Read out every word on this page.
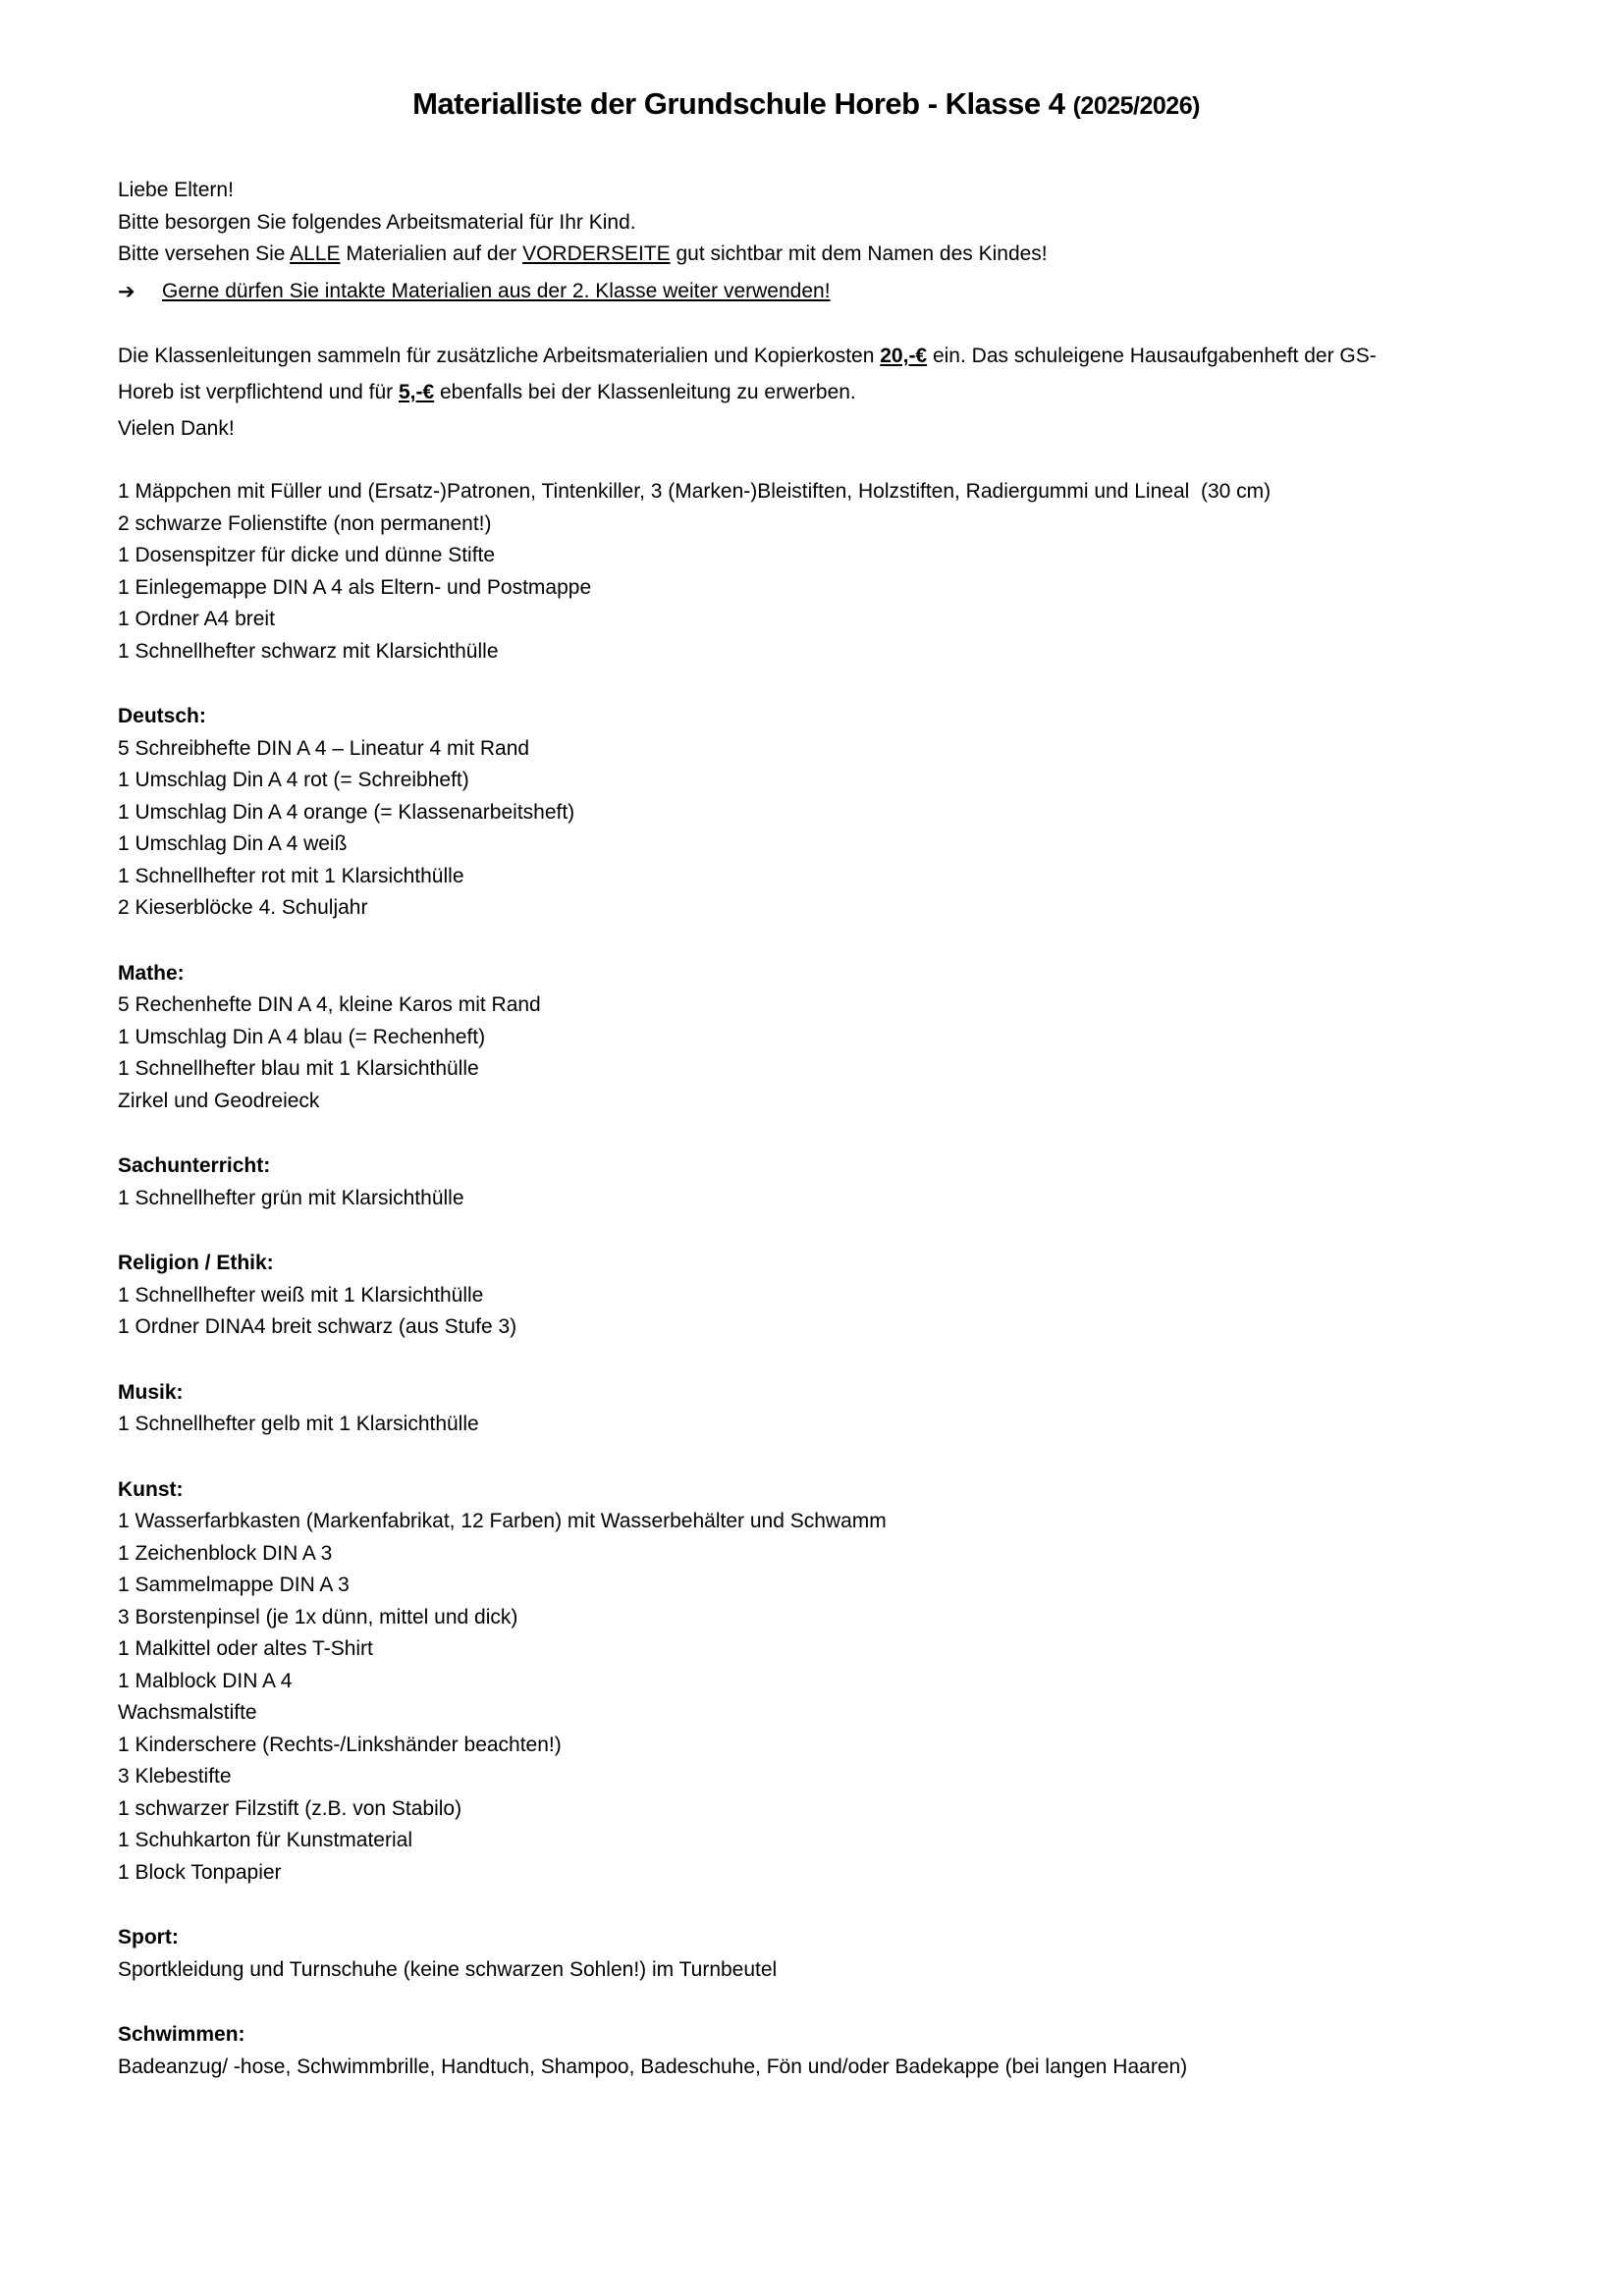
Materialliste der Grundschule Horeb - Klasse 4 (2025/2026)
Liebe Eltern!
Bitte besorgen Sie folgendes Arbeitsmaterial für Ihr Kind.
Bitte versehen Sie ALLE Materialien auf der VORDERSEITE gut sichtbar mit dem Namen des Kindes!
➔	Gerne dürfen Sie intakte Materialien aus der 2. Klasse weiter verwenden!
Die Klassenleitungen sammeln für zusätzliche Arbeitsmaterialien und Kopierkosten 20,-€ ein. Das schuleigene Hausaufgabenheft der GS-
Horeb ist verpflichtend und für 5,-€ ebenfalls bei der Klassenleitung zu erwerben.
Vielen Dank!
1 Mäppchen mit Füller und (Ersatz-)Patronen, Tintenkiller, 3 (Marken-)Bleistiften, Holzstiften, Radiergummi und Lineal  (30 cm)
2 schwarze Folienstifte (non permanent!)
1 Dosenspitzer für dicke und dünne Stifte
1 Einlegemappe DIN A 4 als Eltern- und Postmappe
1 Ordner A4 breit
1 Schnellhefter schwarz mit Klarsichthülle
Deutsch:
5 Schreibhefte DIN A 4 – Lineatur 4 mit Rand
1 Umschlag Din A 4 rot (= Schreibheft)
1 Umschlag Din A 4 orange (= Klassenarbeitsheft)
1 Umschlag Din A 4 weiß
1 Schnellhefter rot mit 1 Klarsichthülle
2 Kieserblöcke 4. Schuljahr
Mathe:
5 Rechenhefte DIN A 4, kleine Karos mit Rand
1 Umschlag Din A 4 blau (= Rechenheft)
1 Schnellhefter blau mit 1 Klarsichthülle
Zirkel und Geodreieck
Sachunterricht:
1 Schnellhefter grün mit Klarsichthülle
Religion / Ethik:
1 Schnellhefter weiß mit 1 Klarsichthülle
1 Ordner DINA4 breit schwarz (aus Stufe 3)
Musik:
1 Schnellhefter gelb mit 1 Klarsichthülle
Kunst:
1 Wasserfarbkasten (Markenfabrikat, 12 Farben) mit Wasserbehälter und Schwamm
1 Zeichenblock DIN A 3
1 Sammelmappe DIN A 3
3 Borstenpinsel (je 1x dünn, mittel und dick)
1 Malkittel oder altes T-Shirt
1 Malblock DIN A 4
Wachsmalstifte
1 Kinderschere (Rechts-/Linkshänder beachten!)
3 Klebestifte
1 schwarzer Filzstift (z.B. von Stabilo)
1 Schuhkarton für Kunstmaterial
1 Block Tonpapier
Sport:
Sportkleidung und Turnschuhe (keine schwarzen Sohlen!) im Turnbeutel
Schwimmen:
Badeanzug/ -hose, Schwimmbrille, Handtuch, Shampoo, Badeschuhe, Fön und/oder Badekappe (bei langen Haaren)
